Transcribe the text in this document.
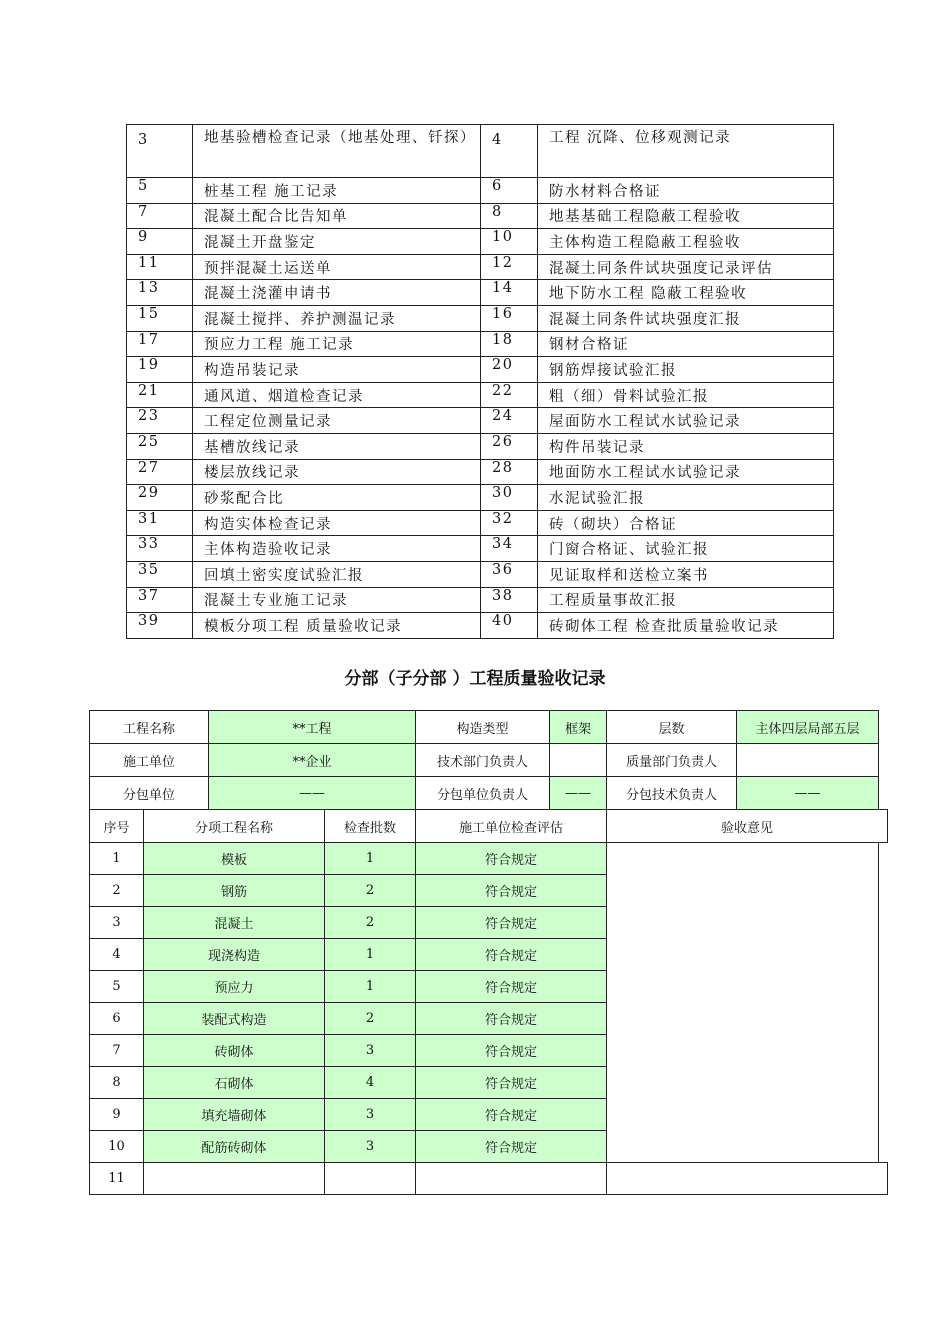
3	地基验槽检查记录（地基处理、钎探）	4	工程 沉降、位移观测记录
5	桩基工程 施工记录	6	防水材料合格证
7	混凝土配合比告知单	8	地基基础工程隐蔽工程验收
9	混凝土开盘鉴定	10	主体构造工程隐蔽工程验收
11	预拌混凝土运送单	12	混凝土同条件试块强度记录评估
13	混凝土浇灌申请书	14	地下防水工程 隐蔽工程验收
15	混凝土搅拌、养护测温记录	16	混凝土同条件试块强度汇报
17	预应力工程 施工记录	18	钢材合格证
19	构造吊装记录	20	钢筋焊接试验汇报
21	通风道、烟道检查记录	22	粗（细）骨料试验汇报
23	工程定位测量记录	24	屋面防水工程试水试验记录
25	基槽放线记录	26	构件吊装记录
27	楼层放线记录	28	地面防水工程试水试验记录
29	砂浆配合比	30	水泥试验汇报
31	构造实体检查记录	32	砖（砌块）合格证
33	主体构造验收记录	34	门窗合格证、试验汇报
35	回填土密实度试验汇报	36	见证取样和送检立案书
37	混凝土专业施工记录	38	工程质量事故汇报
39	模板分项工程 质量验收记录	40	砖砌体工程 检查批质量验收记录
分部（子分部 ）工程质量验收记录
工程名称		**工程		构造类型	框架	层数	主体四层局部五层	
施工单位		**企业		技术部门负责人		质量部门负责人		
分包单位		——		分包单位负责人	——	分包技术负责人	——	
序号	分项工程名称		检查批数	施工单位检查评估		验收意见		
1	模板		1	符合规定				
2	钢筋		2	符合规定				
3	混凝土		2	符合规定				
4	现浇构造		1	符合规定				
5	预应力		1	符合规定				
6	装配式构造		2	符合规定				
7	砖砌体		3	符合规定				
8	石砌体		4	符合规定				
9	填充墙砌体		3	符合规定				
10	配筋砖砌体		3	符合规定				
11								
